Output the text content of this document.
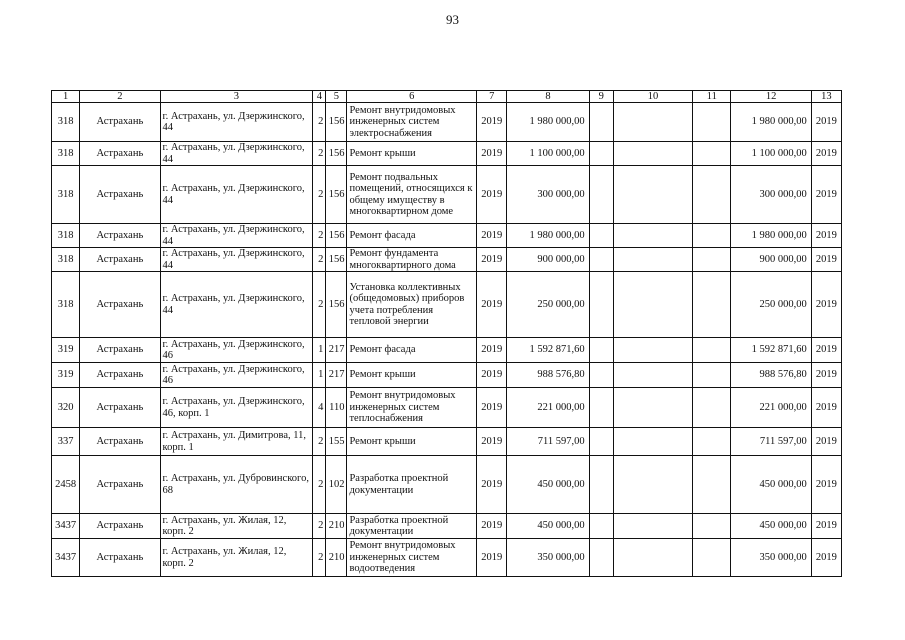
93
1	2	3	4	5	6	7	8	9	10	11	12	13
318	Астрахань	г. Астрахань, ул. Дзержинского, 44	2	156	Ремонт внутридомовых инженерных систем электроснабжения	2019	1 980 000,00				1 980 000,00	2019
318	Астрахань	г. Астрахань, ул. Дзержинского, 44	2	156	Ремонт крыши	2019	1 100 000,00				1 100 000,00	2019
318	Астрахань	г. Астрахань, ул. Дзержинского, 44	2	156	Ремонт подвальных помещений, относящихся к общему имуществу в многоквартирном доме	2019	300 000,00				300 000,00	2019
318	Астрахань	г. Астрахань, ул. Дзержинского, 44	2	156	Ремонт фасада	2019	1 980 000,00				1 980 000,00	2019
318	Астрахань	г. Астрахань, ул. Дзержинского, 44	2	156	Ремонт фундамента многоквартирного дома	2019	900 000,00				900 000,00	2019
318	Астрахань	г. Астрахань, ул. Дзержинского, 44	2	156	Установка коллективных (общедомовых) приборов учета потребления тепловой энергии	2019	250 000,00				250 000,00	2019
319	Астрахань	г. Астрахань, ул. Дзержинского, 46	1	217	Ремонт фасада	2019	1 592 871,60				1 592 871,60	2019
319	Астрахань	г. Астрахань, ул. Дзержинского, 46	1	217	Ремонт крыши	2019	988 576,80				988 576,80	2019
320	Астрахань	г. Астрахань, ул. Дзержинского, 46, корп. 1	4	110	Ремонт внутридомовых инженерных систем теплоснабжения	2019	221 000,00				221 000,00	2019
337	Астрахань	г. Астрахань, ул. Димитрова, 11, корп. 1	2	155	Ремонт крыши	2019	711 597,00				711 597,00	2019
2458	Астрахань	г. Астрахань, ул. Дубровинского, 68	2	102	Разработка проектной документации	2019	450 000,00				450 000,00	2019
3437	Астрахань	г. Астрахань, ул. Жилая, 12, корп. 2	2	210	Разработка проектной документации	2019	450 000,00				450 000,00	2019
3437	Астрахань	г. Астрахань, ул. Жилая, 12, корп. 2	2	210	Ремонт внутридомовых инженерных систем водоотведения	2019	350 000,00				350 000,00	2019
